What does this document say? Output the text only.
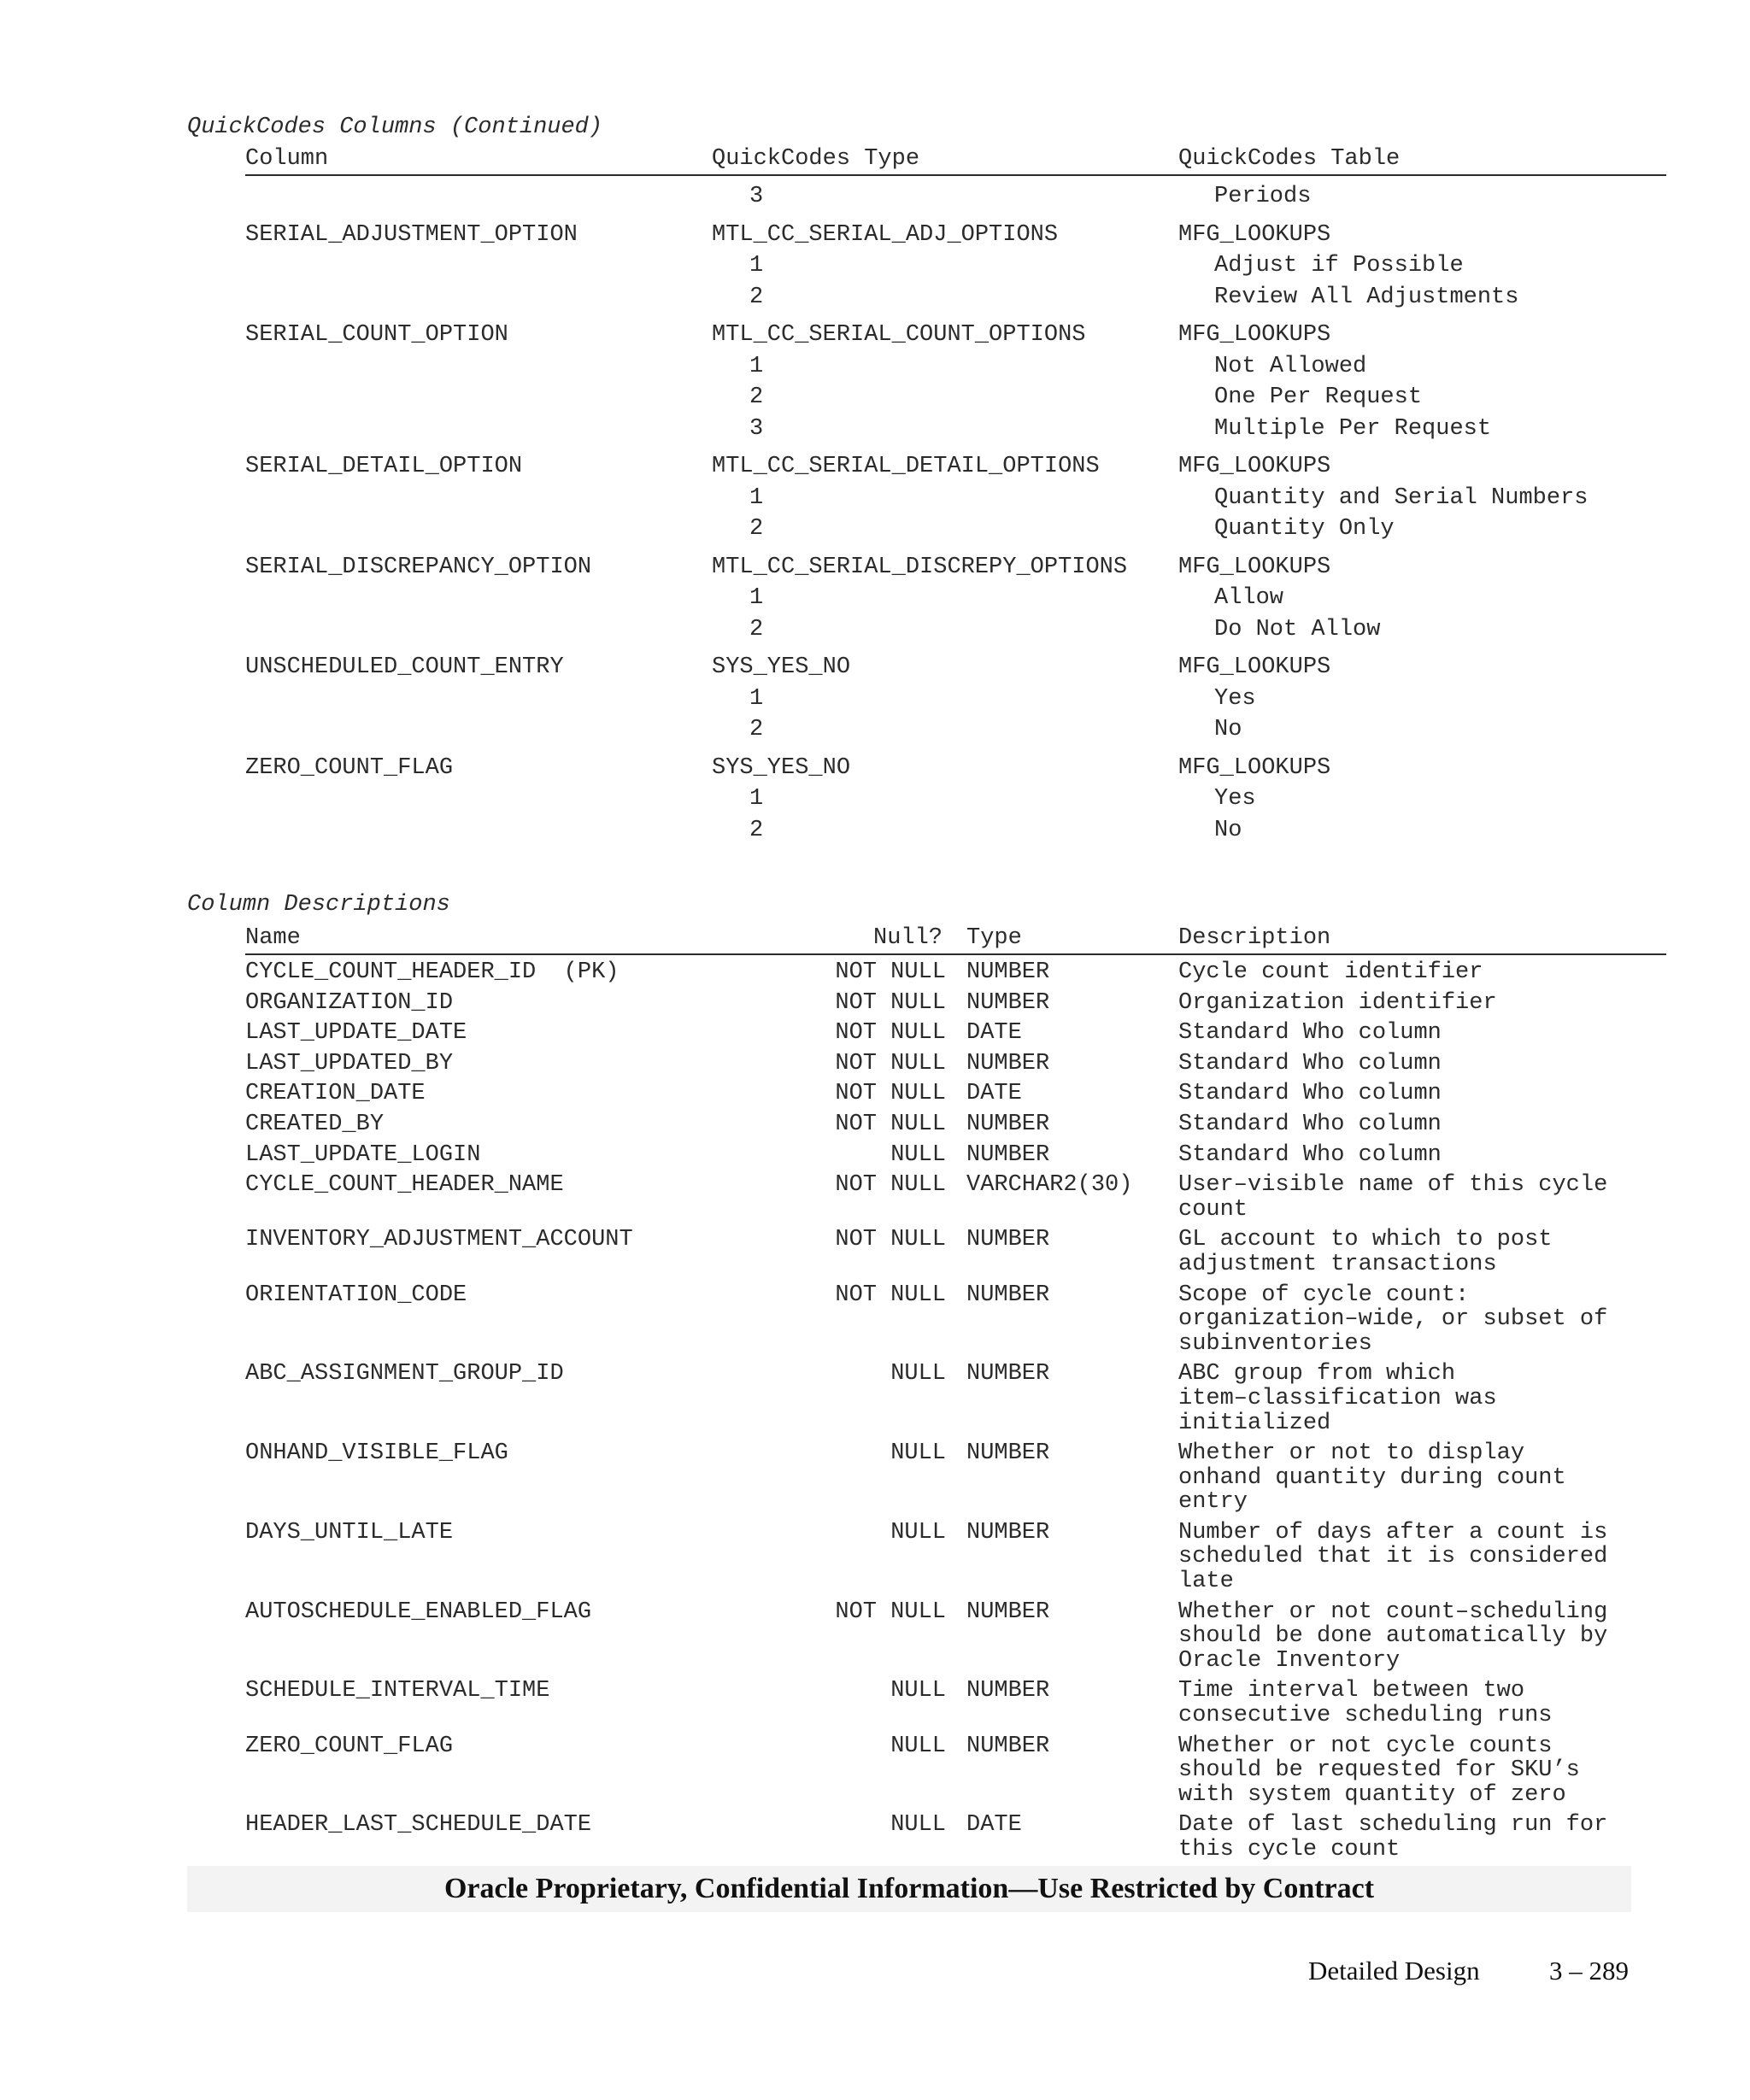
QuickCodes Columns (Continued)
Column	QuickCodes Type	QuickCodes Table
3	Periods
SERIAL_ADJUSTMENT_OPTION	MTL_CC_SERIAL_ADJ_OPTIONS	MFG_LOOKUPS
1	Adjust if Possible
2	Review All Adjustments
SERIAL_COUNT_OPTION	MTL_CC_SERIAL_COUNT_OPTIONS	MFG_LOOKUPS
1	Not Allowed
2	One Per Request
3	Multiple Per Request
SERIAL_DETAIL_OPTION	MTL_CC_SERIAL_DETAIL_OPTIONS	MFG_LOOKUPS
1	Quantity and Serial Numbers
2	Quantity Only
SERIAL_DISCREPANCY_OPTION	MTL_CC_SERIAL_DISCREPY_OPTIONS MFG_LOOKUPS
1	Allow
2	Do Not Allow
UNSCHEDULED_COUNT_ENTRY	SYS_YES_NO	MFG_LOOKUPS
1	Yes
2	No
ZERO_COUNT_FLAG	SYS_YES_NO	MFG_LOOKUPS
1	Yes
2	No
Column Descriptions
Name	Null? Type	Description
CYCLE_COUNT_HEADER_ID  (PK)	NOT NULL NUMBER	Cycle count identifier
ORGANIZATION_ID	NOT NULL NUMBER	Organization identifier
LAST_UPDATE_DATE	NOT NULL DATE	Standard Who column
LAST_UPDATED_BY	NOT NULL NUMBER	Standard Who column
CREATION_DATE	NOT NULL DATE	Standard Who column
CREATED_BY	NOT NULL NUMBER	Standard Who column
LAST_UPDATE_LOGIN	NULL NUMBER	Standard Who column
CYCLE_COUNT_HEADER_NAME	NOT NULL VARCHAR2(30)	User–visible name of this cycle
count
INVENTORY_ADJUSTMENT_ACCOUNT	NOT NULL NUMBER	GL account to which to post
adjustment transactions
ORIENTATION_CODE	NOT NULL NUMBER	Scope of cycle count:
organization–wide, or subset of
subinventories
ABC_ASSIGNMENT_GROUP_ID	NULL NUMBER	ABC group from which
item–classification was
initialized
ONHAND_VISIBLE_FLAG	NULL NUMBER	Whether or not to display
onhand quantity during count
entry
DAYS_UNTIL_LATE	NULL NUMBER	Number of days after a count is
scheduled that it is considered
late
AUTOSCHEDULE_ENABLED_FLAG	NOT NULL NUMBER	Whether or not count–scheduling
should be done automatically by
Oracle Inventory
SCHEDULE_INTERVAL_TIME	NULL NUMBER	Time interval between two
consecutive scheduling runs
ZERO_COUNT_FLAG	NULL NUMBER	Whether or not cycle counts
should be requested for SKU’s
with system quantity of zero
HEADER_LAST_SCHEDULE_DATE	NULL DATE	Date of last scheduling run for
this cycle count
Oracle Proprietary, Confidential Information––Use Restricted by Contract
Detailed Design	3 – 289
